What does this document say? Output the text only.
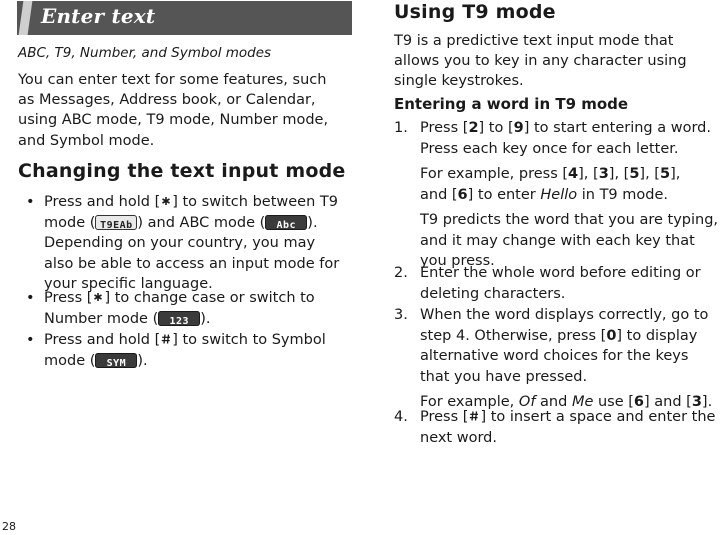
Enter text
ABC, T9, Number, and Symbol modes
You can enter text for some features, such
as Messages, Address book, or Calendar,
using ABC mode, T9 mode, Number mode,
and Symbol mode.
Changing the text input mode
• Press and hold [ ] to switch between T9
mode ( T9EAb ) and ABC mode (	Abc ).
Depending on your country, you may
also be able to access an input mode for
your specific language.
• Press [ ] to change case or switch to
Number mode (	123 ).
• Press and hold [ ] to switch to Symbol
mode (	SYM ).
Using T9 mode
T9 is a predictive text input mode that
allows you to key in any character using
single keystrokes.
Entering a word in T9 mode
1. Press [2] to [9] to start entering a word.
Press each key once for each letter.
For example, press [4], [3], [5], [5],
and [6] to enter Hello in T9 mode.
T9 predicts the word that you are typing,
and it may change with each key that
you press.
2. Enter the whole word before editing or
deleting characters.
3. When the word displays correctly, go to
step 4. Otherwise, press [0] to display
alternative word choices for the keys
that you have pressed.
For example, Of and Me use [6] and [3].
4. Press [ ] to insert a space and enter the
next word.
28
